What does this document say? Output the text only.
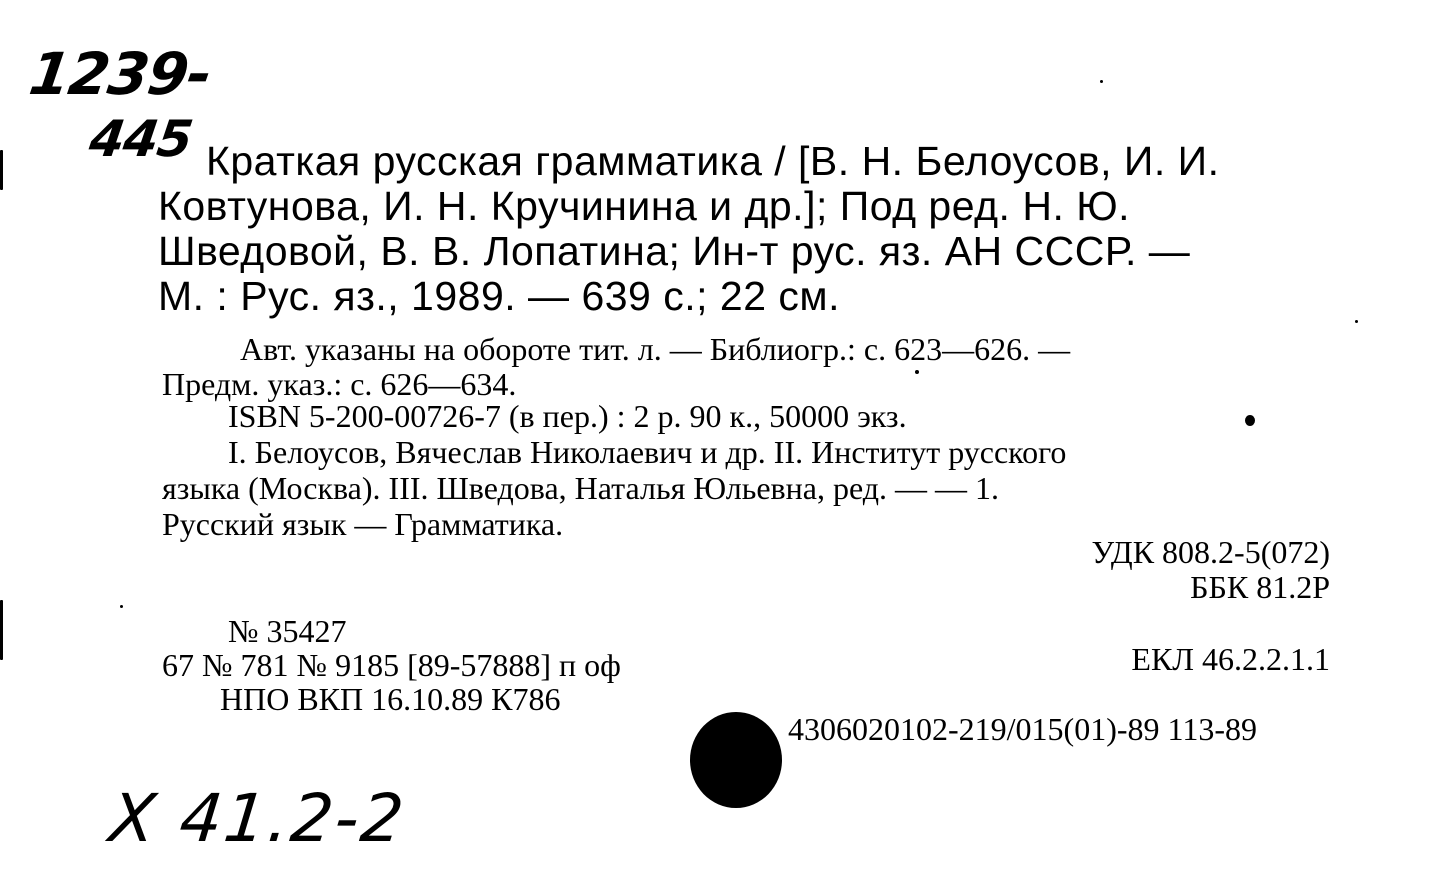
1239-
445 Краткая русская грамматика / [В. Н. Белоусов, И. И.
Ковтунова, И. Н. Кручинина и др.]; Под ред. Н. Ю.
Шведовой, В. В. Лопатина; Ин-т рус. яз. АН СССР. —
М. : Рус. яз., 1989. — 639 с.; 22 см.
Авт. указаны на обороте тит. л. — Библиогр.: с. 623—626. —
Предм. указ.: с. 626—634.
ISBN 5-200-00726-7 (в пер.) : 2 р. 90 к., 50000 экз.
I. Белоусов, Вячеслав Николаевич и др. II. Институт русского
языка (Москва). III. Шведова, Наталья Юльевна, ред. — — 1.
Русский язык — Грамматика.
УДК 808.2-5(072)
ББК 81.2Р
ЕКЛ 46.2.2.1.1
4306020102-219/015(01)-89 113-89
№ 35427
67 № 781 № 9185 [89-57888] п оф
НПО ВКП 16.10.89 К786
X 41.2-2
